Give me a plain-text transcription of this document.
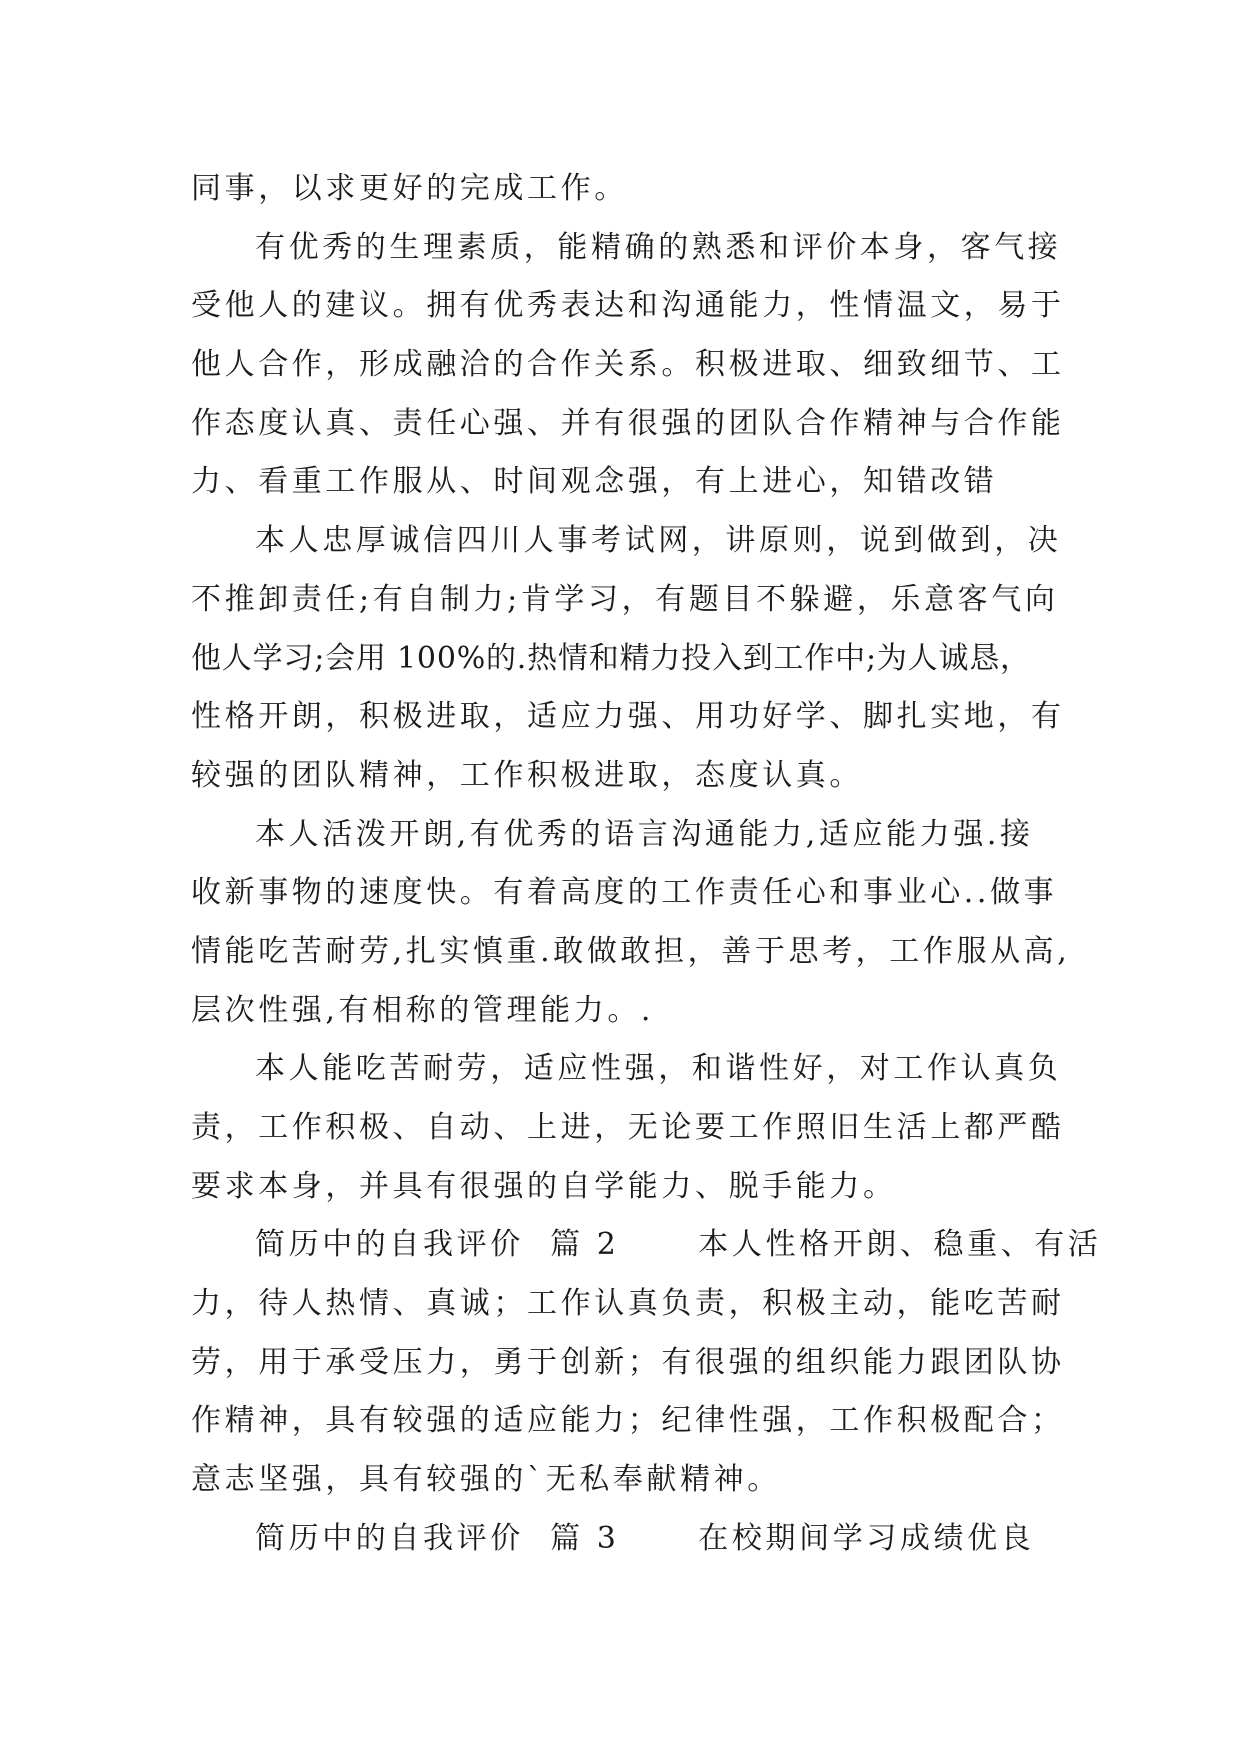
同事，以求更好的完成工作。
有优秀的生理素质，能精确的熟悉和评价本身，客气接
受他人的建议。拥有优秀表达和沟通能力，性情温文，易于
他人合作，形成融洽的合作关系。积极进取、细致细节、工
作态度认真、责任心强、并有很强的团队合作精神与合作能
力、看重工作服从、时间观念强，有上进心，知错改错
本人忠厚诚信四川人事考试网，讲原则，说到做到，决
不推卸责任;有自制力;肯学习，有题目不躲避，乐意客气向
他人学习;会用 100%的.热情和精力投入到工作中;为人诚恳，
性格开朗，积极进取，适应力强、用功好学、脚扎实地，有
较强的团队精神，工作积极进取，态度认真。
本人活泼开朗,有优秀的语言沟通能力,适应能力强.接
收新事物的速度快。有着高度的工作责任心和事业心..做事
情能吃苦耐劳,扎实慎重.敢做敢担，善于思考，工作服从高,
层次性强,有相称的管理能力。.
本人能吃苦耐劳，适应性强，和谐性好，对工作认真负
责，工作积极、自动、上进，无论要工作照旧生活上都严酷
要求本身，并具有很强的自学能力、脱手能力。
简历中的自我评价  篇 2      本人性格开朗、稳重、有活
力，待人热情、真诚；工作认真负责，积极主动，能吃苦耐
劳，用于承受压力，勇于创新；有很强的组织能力跟团队协
作精神，具有较强的适应能力；纪律性强，工作积极配合；
意志坚强，具有较强的`无私奉献精神。
简历中的自我评价  篇 3      在校期间学习成绩优良
